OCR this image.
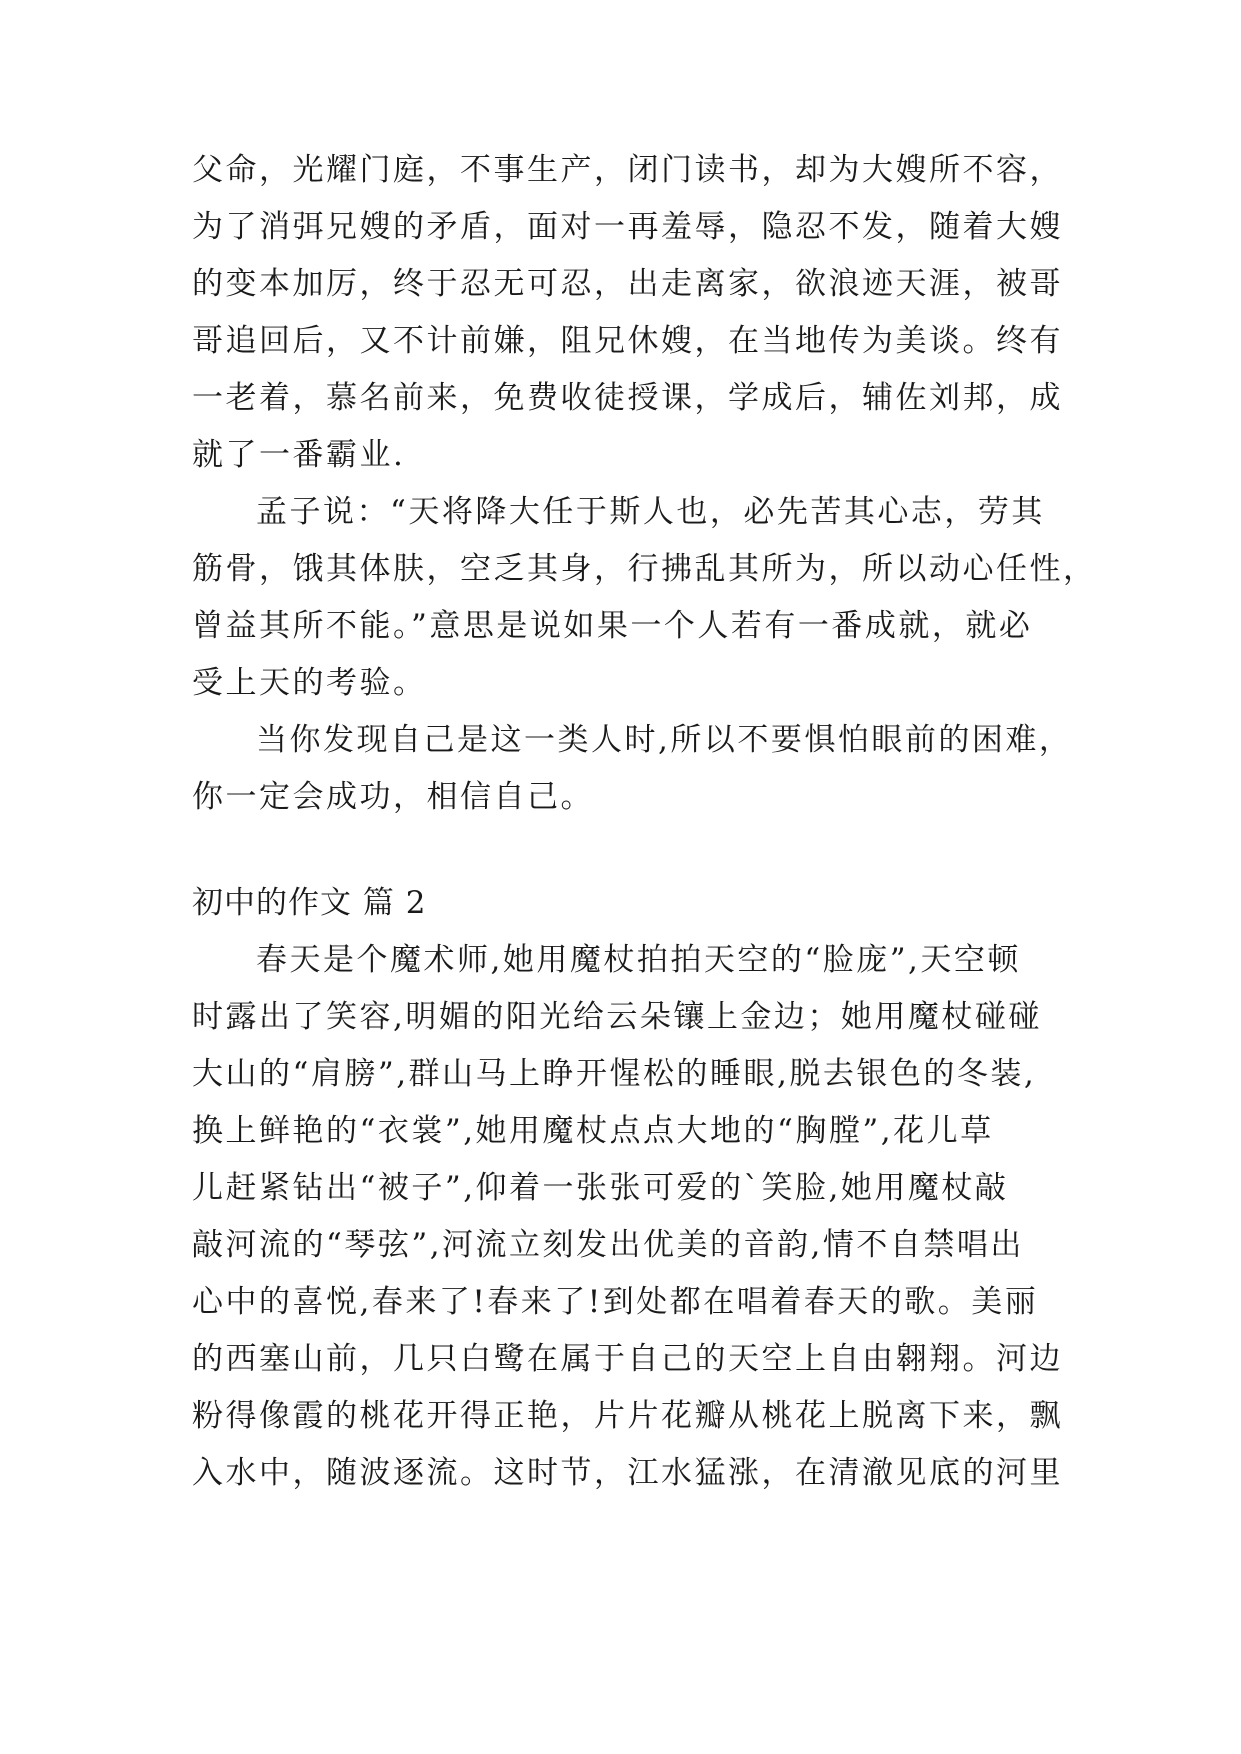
父命，光耀门庭，不事生产，闭门读书，却为大嫂所不容，
为了消弭兄嫂的矛盾，面对一再羞辱，隐忍不发，随着大嫂
的变本加厉，终于忍无可忍，出走离家，欲浪迹天涯，被哥
哥追回后，又不计前嫌，阻兄休嫂，在当地传为美谈。终有
一老着，慕名前来，免费收徒授课，学成后，辅佐刘邦，成
就了一番霸业.
孟子说：“天将降大任于斯人也，必先苦其心志，劳其
筋骨，饿其体肤，空乏其身，行拂乱其所为，所以动心任性，
曾益其所不能。”意思是说如果一个人若有一番成就，就必
受上天的考验。
当你发现自己是这一类人时,所以不要惧怕眼前的困难，
你一定会成功，相信自己。
初中的作文 篇 2
春天是个魔术师,她用魔杖拍拍天空的“脸庞”,天空顿
时露出了笑容,明媚的阳光给云朵镶上金边；她用魔杖碰碰
大山的“肩膀”,群山马上睁开惺松的睡眼,脱去银色的冬装,
换上鲜艳的“衣裳”,她用魔杖点点大地的“胸膛”,花儿草
儿赶紧钻出“被子”,仰着一张张可爱的`笑脸,她用魔杖敲
敲河流的“琴弦”,河流立刻发出优美的音韵,情不自禁唱出
心中的喜悦,春来了!春来了!到处都在唱着春天的歌。美丽
的西塞山前，几只白鹭在属于自己的天空上自由翱翔。河边
粉得像霞的桃花开得正艳，片片花瓣从桃花上脱离下来，飘
入水中，随波逐流。这时节，江水猛涨，在清澈见底的河里
